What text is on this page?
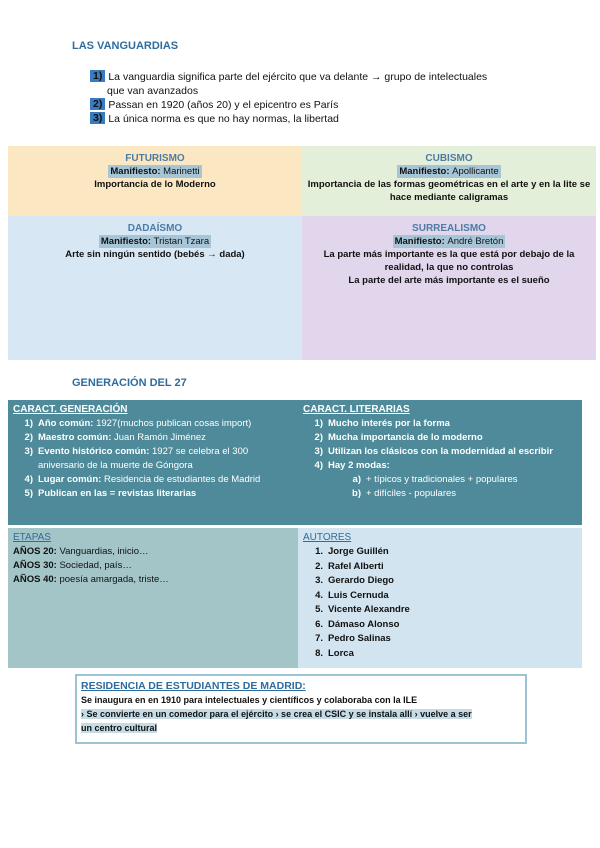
LAS VANGUARDIAS
1) La vanguardia significa parte del ejército que va delante → grupo de intelectuales
que van avanzados
2) Passan en 1920 (años 20) y el epicentro es París
3) La única norma es que no hay normas, la libertad
FUTURISMO
Manifiesto: Marinetti
Importancia de lo Moderno
CUBISMO
Manifiesto: Apollicante
Importancia de las formas geométricas en el arte y en la lite se hace mediante caligramas
DADAÍSMO
Manifiesto: Tristan Tzara
Arte sin ningún sentido (bebés → dada)
SURREALISMO
Manifiesto: André Bretón
La parte más importante es la que está por debajo de la realidad, la que no controlas
La parte del arte más importante es el sueño
GENERACIÓN DEL 27
CARACT. GENERACIÓN
1) Año común: 1927(muchos publican cosas import)
2) Maestro común: Juan Ramón Jiménez
3) Evento histórico común: 1927 se celebra el 300 aniversario de la muerte de Góngora
4) Lugar común: Residencia de estudiantes de Madrid
5) Publican en las = revistas literarias
CARACT. LITERARIAS
1) Mucho interés por la forma
2) Mucha importancia de lo moderno
3) Utilizan los clásicos con la modernidad al escribir
4) Hay 2 modas:
a) + típicos y tradicionales + populares
b) + difíciles - populares
ETAPAS
AÑOS 20: Vanguardias, inicio…
AÑOS 30: Sociedad, país…
AÑOS 40: poesía amargada, triste…
AUTORES
1. Jorge Guillén
2. Rafel Alberti
3. Gerardo Diego
4. Luis Cernuda
5. Vicente Alexandre
6. Dámaso Alonso
7. Pedro Salinas
8. Lorca
RESIDENCIA DE ESTUDIANTES DE MADRID:
Se inaugura en en 1910 para intelectuales y científicos y colaboraba con la ILE
› Se convierte en un comedor para el ejército › se crea el CSIC y se instala allí › vuelve a ser
un centro cultural
